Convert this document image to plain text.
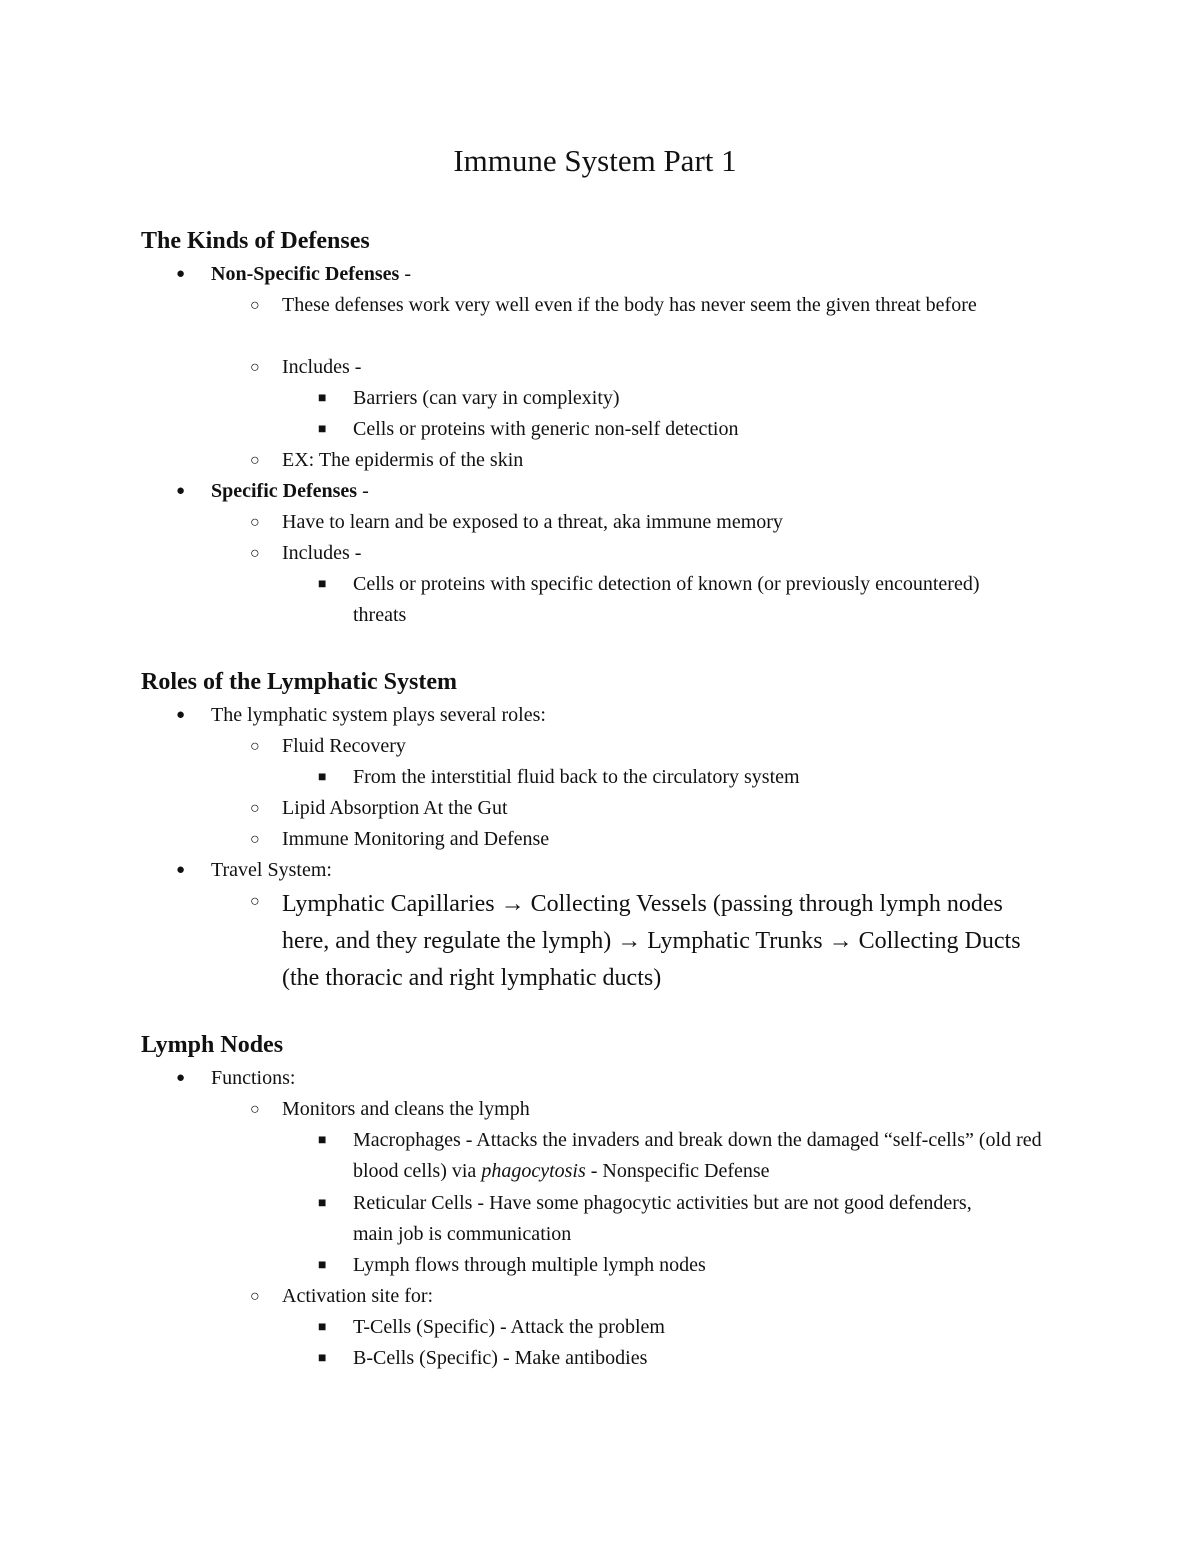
Immune System Part 1
The Kinds of Defenses
● Non-Specific Defenses -
○ These defenses work very well even if the body has never seem the given threat before
○ Includes -
■ Barriers (can vary in complexity)
■ Cells or proteins with generic non-self detection
○ EX: The epidermis of the skin
● Specific Defenses -
○ Have to learn and be exposed to a threat, aka immune memory
○ Includes -
■ Cells or proteins with specific detection of known (or previously encountered) threats
Roles of the Lymphatic System
● The lymphatic system plays several roles:
○ Fluid Recovery
■ From the interstitial fluid back to the circulatory system
○ Lipid Absorption At the Gut
○ Immune Monitoring and Defense
● Travel System:
○ Lymphatic Capillaries → Collecting Vessels (passing through lymph nodes here, and they regulate the lymph) → Lymphatic Trunks → Collecting Ducts (the thoracic and right lymphatic ducts)
Lymph Nodes
● Functions:
○ Monitors and cleans the lymph
■ Macrophages - Attacks the invaders and break down the damaged “self-cells” (old red blood cells) via phagocytosis - Nonspecific Defense
■ Reticular Cells - Have some phagocytic activities but are not good defenders, main job is communication
■ Lymph flows through multiple lymph nodes
○ Activation site for:
■ T-Cells (Specific) - Attack the problem
■ B-Cells (Specific) - Make antibodies
